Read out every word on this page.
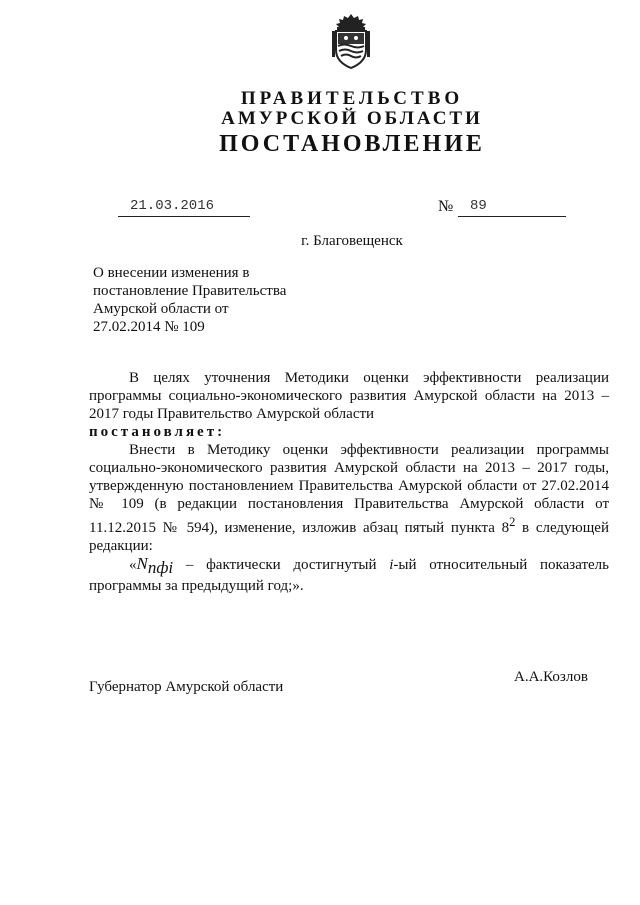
ПРАВИТЕЛЬСТВО
АМУРСКОЙ ОБЛАСТИ
ПОСТАНОВЛЕНИЕ
21.03.2016	№ 89
г. Благовещенск
О внесении изменения в
постановление Правительства
Амурской области от
27.02.2014 № 109

В целях уточнения Методики оценки эффективности реализации программы социально-экономического развития Амурской области на 2013 – 2017 годы Правительство Амурской области

постановляет:

Внести в Методику оценки эффективности реализации программы социально-экономического развития Амурской области на 2013 – 2017 годы, утвержденную постановлением Правительства Амурской области от 27.02.2014 № 109 (в редакции постановления Правительства Амурской области от 11.12.2015 № 594), изменение, изложив абзац пятый пункта $8^2$ в следующей редакции:

«$N_{пфi}$ – фактически достигнутый i-ый относительный показатель программы за предыдущий год;».

Губернатор Амурской области
А.А.Козлов
